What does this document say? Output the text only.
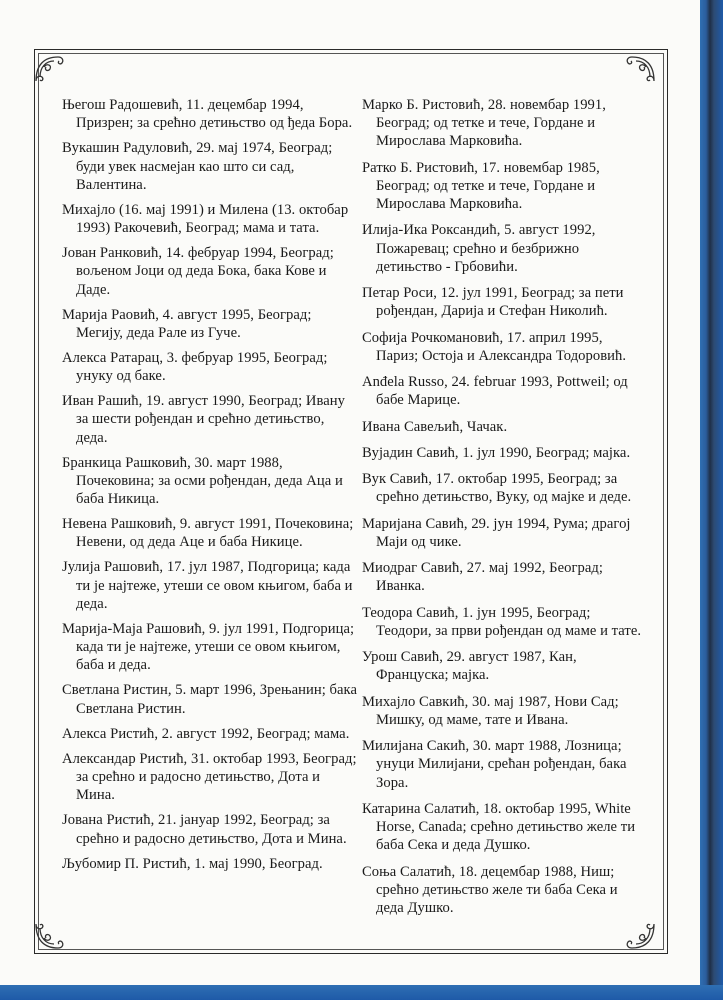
Његош Радошевић, 11. децембар 1994, Призрен; за срећно детињство од ђеда Бора.
Вукашин Радуловић, 29. мај 1974, Београд; буди увек насмејан као што си сад, Валентина.
Михајло (16. мај 1991) и Милена (13. октобар 1993) Ракочевић, Београд; мама и тата.
Јован Ранковић, 14. фебруар 1994, Београд; вољеном Јоци од деда Бока, бака Кове и Даде.
Марија Раовић, 4. август 1995, Београд; Мегију, деда Рале из Гуче.
Алекса Ратарац, 3. фебруар 1995, Београд; унуку од баке.
Иван Рашић, 19. август 1990, Београд; Ивану за шести рођендан и срећно детињство, деда.
Бранкица Рашковић, 30. март 1988, Почековина; за осми рођендан, деда Аца и баба Никица.
Невена Рашковић, 9. август 1991, Почековина; Невени, од деда Аце и баба Никице.
Јулија Рашовић, 17. јул 1987, Подгорица; када ти је најтеже, утеши се овом књигом, баба и деда.
Марија-Маја Рашовић, 9. јул 1991, Подгорица; када ти је најтеже, утеши се овом књигом, баба и деда.
Светлана Ристин, 5. март 1996, Зрењанин; бака Светлана Ристин.
Алекса Ристић, 2. август 1992, Београд; мама.
Александар Ристић, 31. октобар 1993, Београд; за срећно и радосно детињство, Дота и Мина.
Јована Ристић, 21. јануар 1992, Београд; за срећно и радосно детињство, Дота и Мина.
Љубомир П. Ристић, 1. мај 1990, Београд.
Марко Б. Ристовић, 28. новембар 1991, Београд; од тетке и тече, Гордане и Мирослава Марковића.
Ратко Б. Ристовић, 17. новембар 1985, Београд; од тетке и тече, Гордане и Мирослава Марковића.
Илија-Ика Роксандић, 5. август 1992, Пожаревац; срећно и безбрижно детињство - Грбовићи.
Петар Роси, 12. јул 1991, Београд; за пети рођендан, Дарија и Стефан Николић.
Софија Рочкомановић, 17. април 1995, Париз; Остоја и Александра Тодоровић.
Anđela Russo, 24. februar 1993, Pottweil; од бабе Марице.
Ивана Савељић, Чачак.
Вујадин Савић, 1. јул 1990, Београд; мајка.
Вук Савић, 17. октобар 1995, Београд; за срећно детињство, Вуку, од мајке и деде.
Маријана Савић, 29. јун 1994, Рума; драгој Маји од чике.
Миодраг Савић, 27. мај 1992, Београд; Иванка.
Теодора Савић, 1. јун 1995, Београд; Теодори, за први рођендан од маме и тате.
Урош Савић, 29. август 1987, Кан, Француска; мајка.
Михајло Савкић, 30. мај 1987, Нови Сад; Мишку, од маме, тате и Ивана.
Милијана Сакић, 30. март 1988, Лозница; унуци Милијани, срећан рођендан, бака Зора.
Катарина Салатић, 18. октобар 1995, White Horse, Canada; срећно детињство желе ти баба Сека и деда Душко.
Соња Салатић, 18. децембар 1988, Ниш; срећно детињство желе ти баба Сека и деда Душко.
